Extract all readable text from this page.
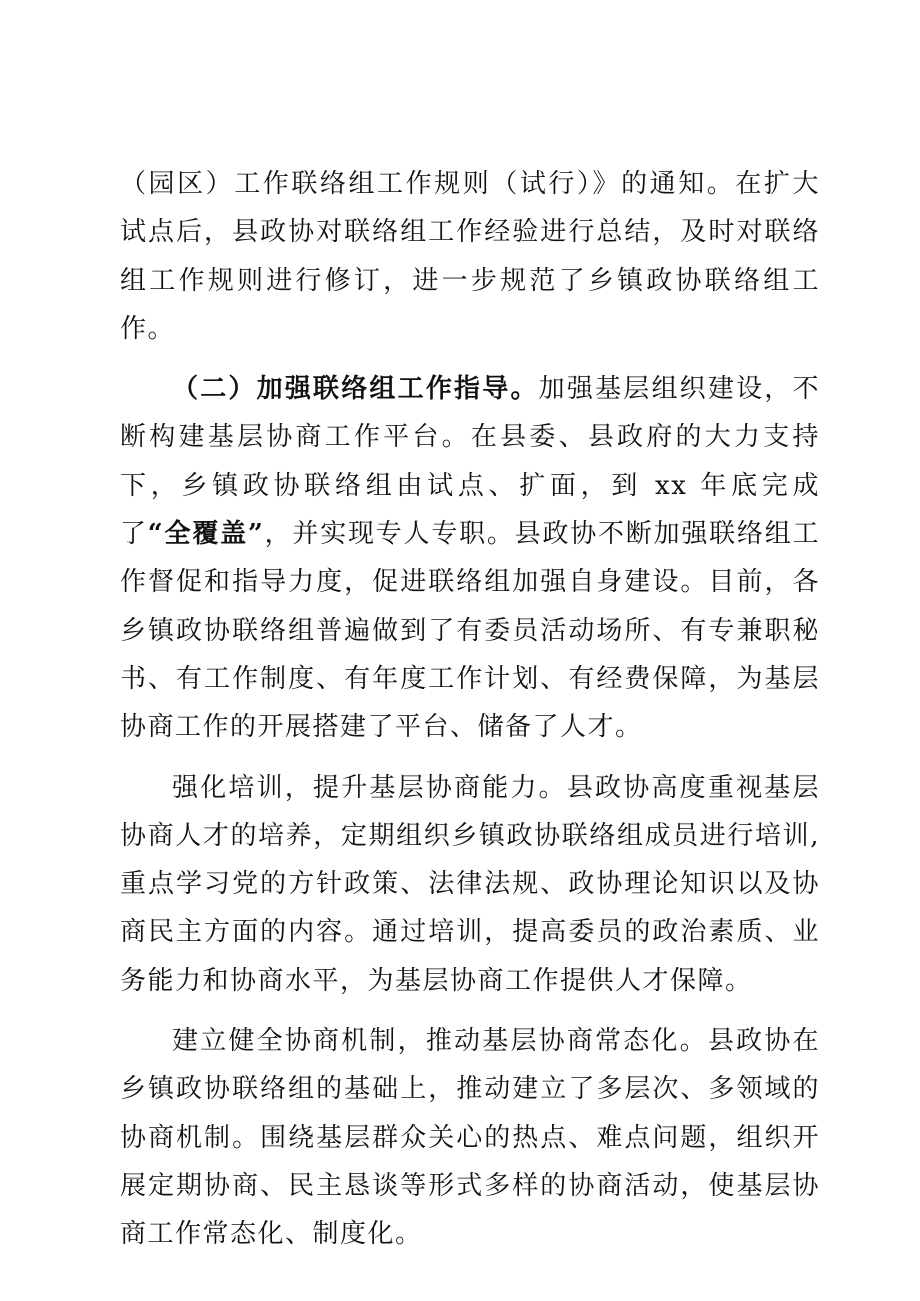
（园区）工作联络组工作规则（试行）》的通知。在扩大试点后，县政协对联络组工作经验进行总结，及时对联络组工作规则进行修订，进一步规范了乡镇政协联络组工作。

（二）加强联络组工作指导。加强基层组织建设，不断构建基层协商工作平台。在县委、县政府的大力支持下，乡镇政协联络组由试点、扩面，到 xx 年底完成了“全覆盖”，并实现专人专职。县政协不断加强联络组工作督促和指导力度，促进联络组加强自身建设。目前，各乡镇政协联络组普遍做到了有委员活动场所、有专兼职秘书、有工作制度、有年度工作计划、有经费保障，为基层协商工作的开展搭建了平台、储备了人才。

强化培训，提升基层协商能力。县政协高度重视基层协商人才的培养，定期组织乡镇政协联络组成员进行培训,重点学习党的方针政策、法律法规、政协理论知识以及协商民主方面的内容。通过培训，提高委员的政治素质、业务能力和协商水平，为基层协商工作提供人才保障。

建立健全协商机制，推动基层协商常态化。县政协在乡镇政协联络组的基础上，推动建立了多层次、多领域的协商机制。围绕基层群众关心的热点、难点问题，组织开展定期协商、民主恳谈等形式多样的协商活动，使基层协商工作常态化、制度化。
